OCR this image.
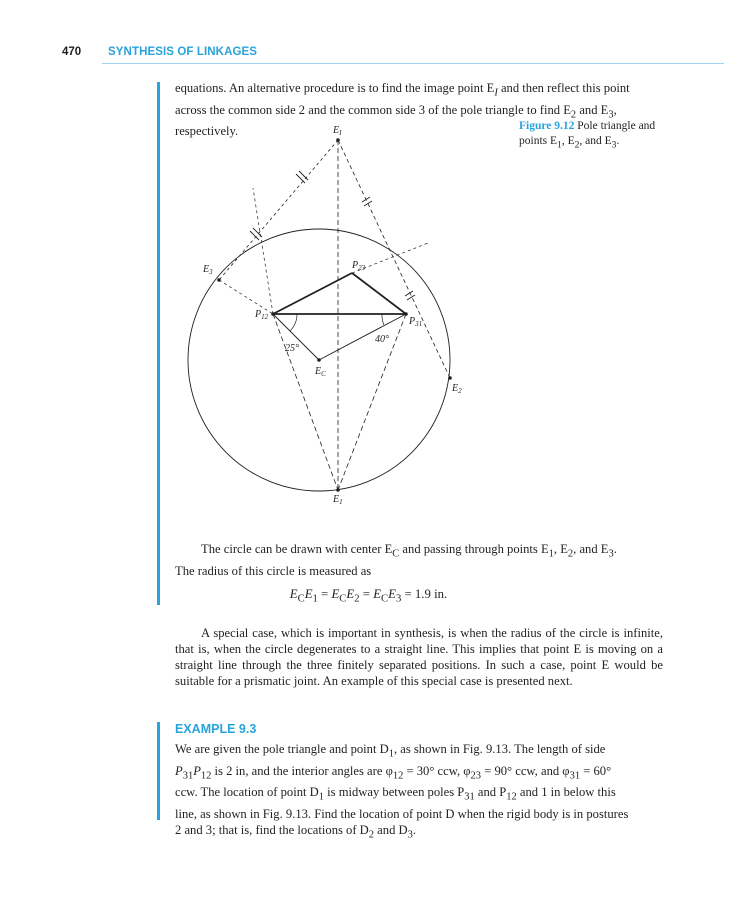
470 SYNTHESIS OF LINKAGES
equations. An alternative procedure is to find the image point $E_I$ and then reflect this point
across the common side 2 and the common side 3 of the pole triangle to find $E_2$ and $E_3$,
respectively.	Figure 9.12 Pole triangle and
points $E_1$, $E_2$, and $E_3$.
$E_I$
$E_3$
$E_2$
$E_1$
$E_C$
$P_{12}$
$P_{23}$
$P_{31}$
25°
40°
The circle can be drawn with center $E_C$ and passing through points $E_1$, $E_2$, and $E_3$.
The radius of this circle is measured as
$E_CE_1 = E_CE_2 = E_CE_3 = 1.9$ in.
A special case, which is important in synthesis, is when the radius of the circle is infinite, that is, when the circle degenerates to a straight line. This implies that point E is moving on a straight line through the three finitely separated positions. In such a case, point E would be suitable for a prismatic joint. An example of this special case is presented next.
EXAMPLE 9.3
We are given the pole triangle and point $D_1$, as shown in Fig. 9.13. The length of side
$P_{31}P_{12}$ is 2 in, and the interior angles are $\varphi_{12} = 30^\circ$ ccw, $\varphi_{23} = 90^\circ$ ccw, and $\varphi_{31} = 60^\circ$
ccw. The location of point $D_1$ is midway between poles $P_{31}$ and $P_{12}$ and 1 in below this
line, as shown in Fig. 9.13. Find the location of point D when the rigid body is in postures
2 and 3; that is, find the locations of $D_2$ and $D_3$.
